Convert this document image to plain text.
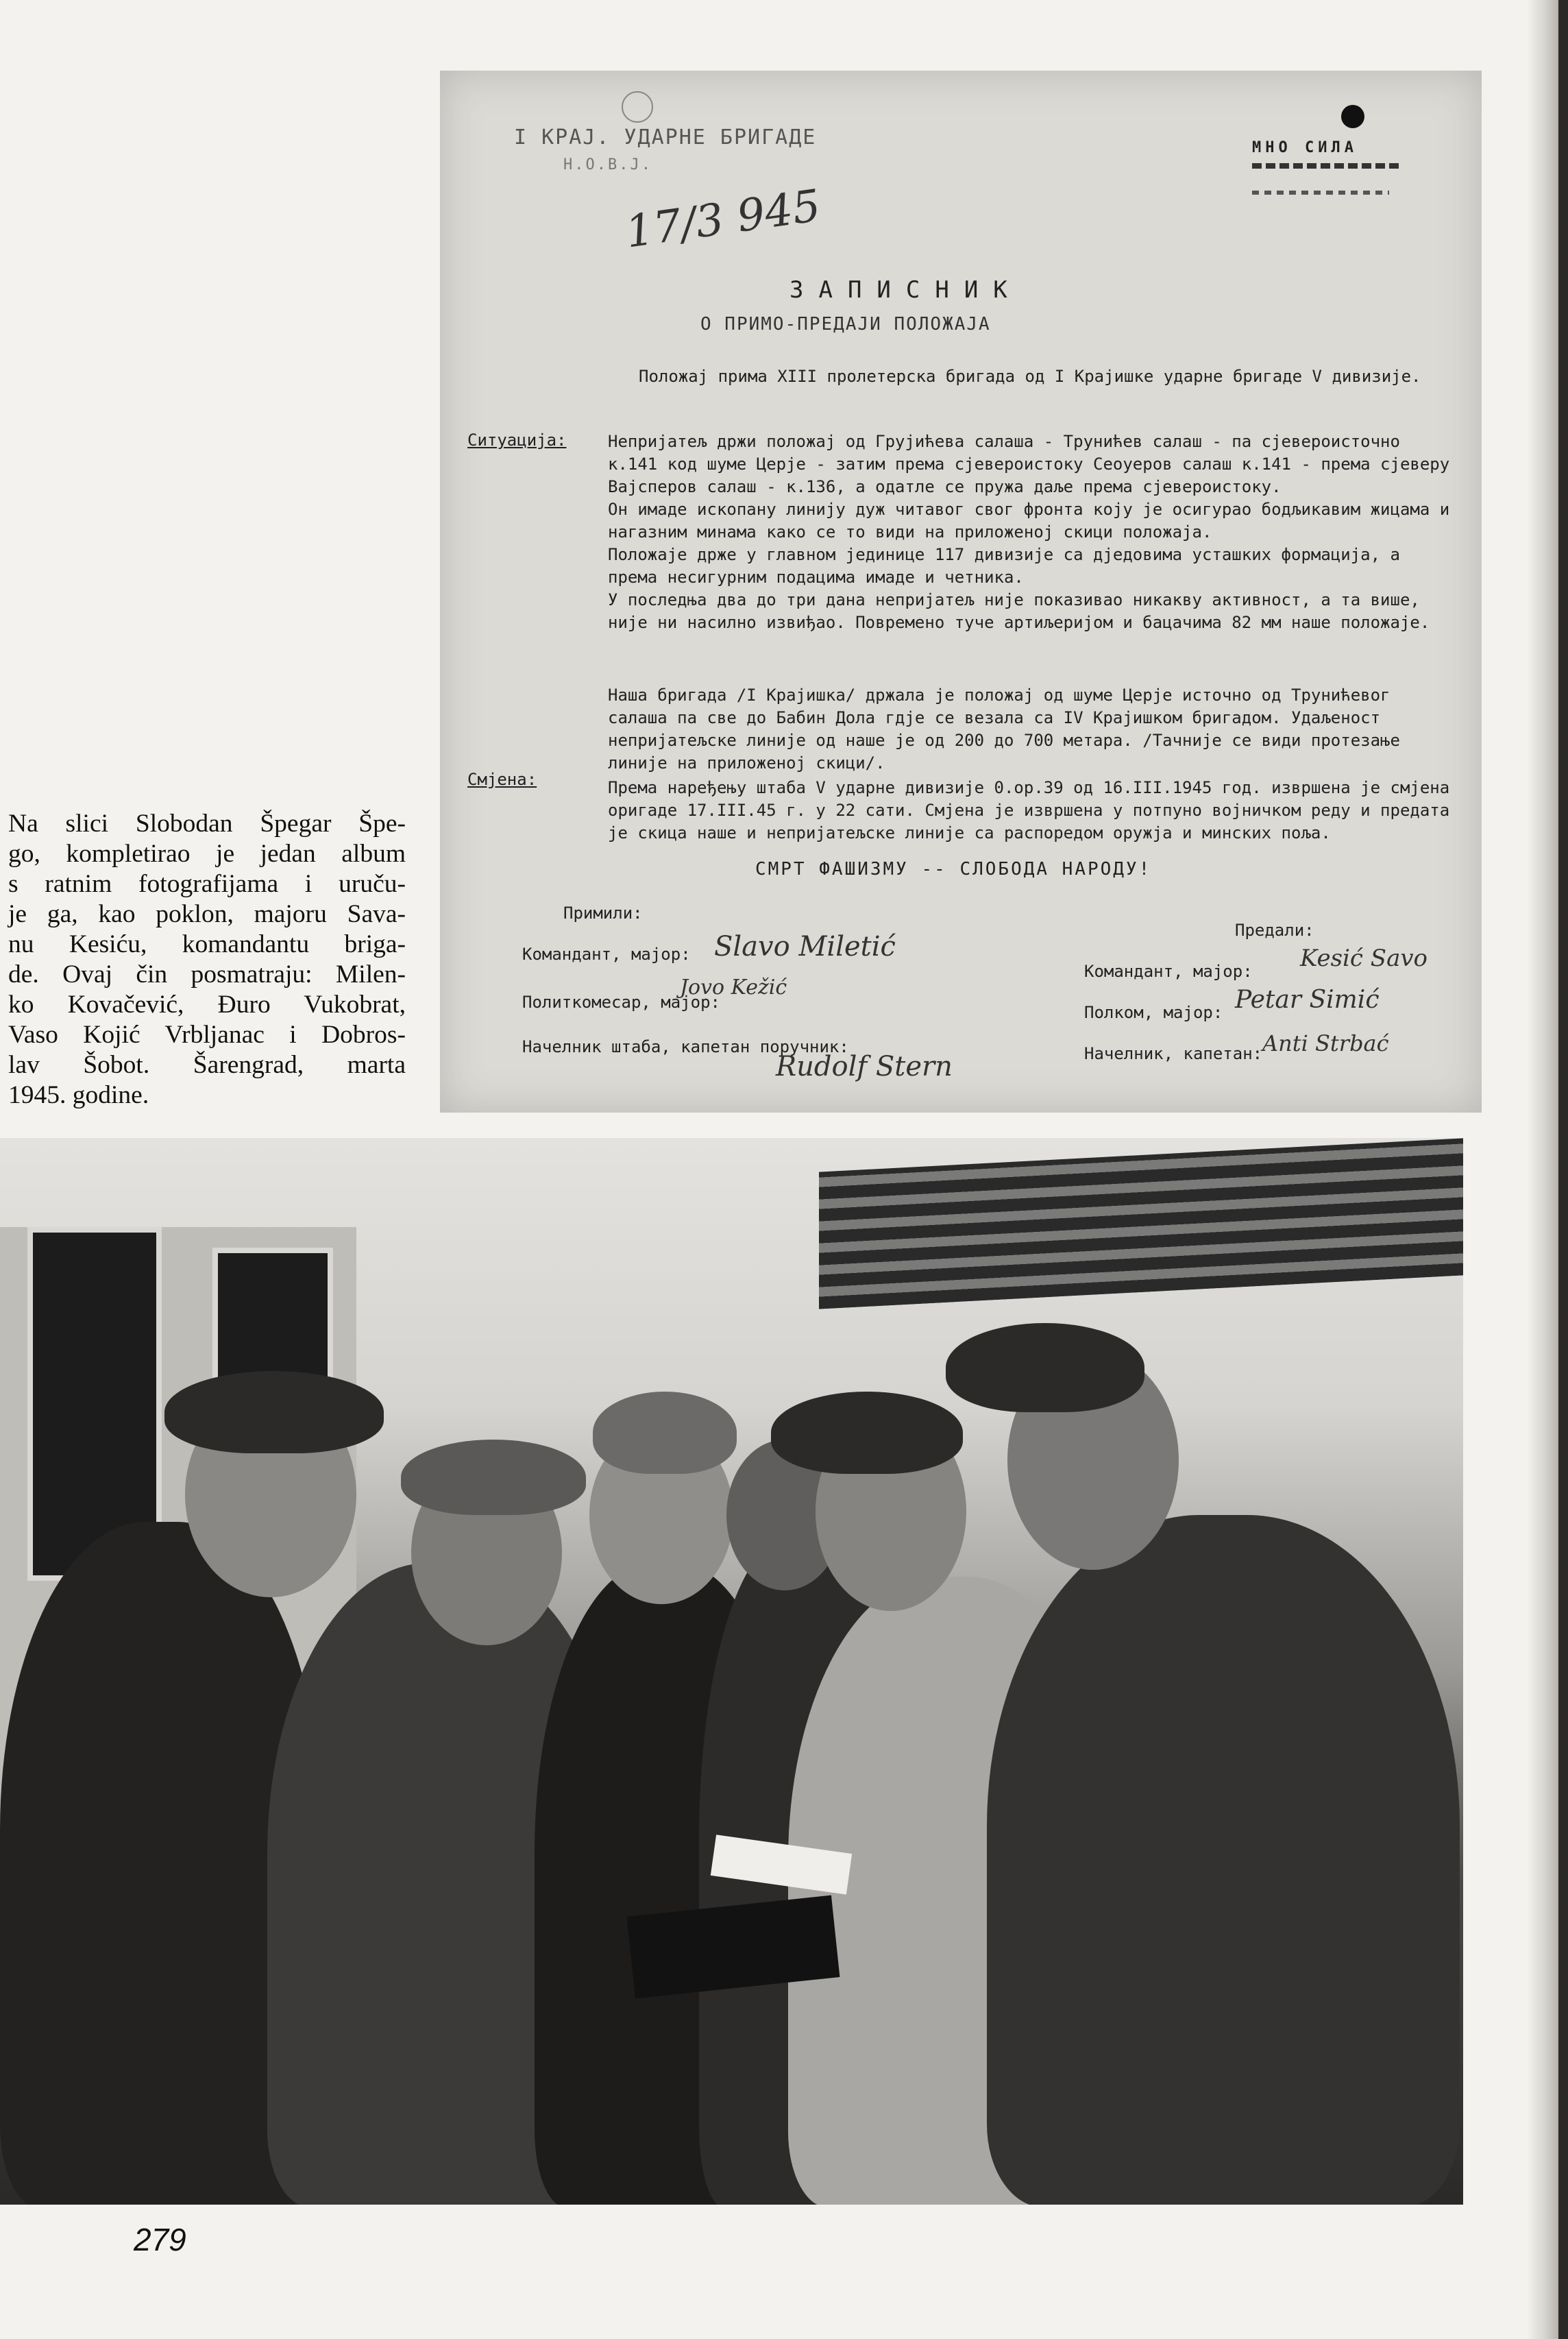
I КРАЈ. УДАРНЕ БРИГАДЕ
Н.О.В.Ј.
МНО СИЛА
17/3 945
ЗАПИСНИК
О ПРИМО-ПРЕДАЈИ ПОЛОЖАЈА
Положај прима XIII пролетерска бригада од I Крајишке ударне бригаде V дивизије.
Ситуација:	Непријатељ држи положај од Грујићева салаша - Трунићев салаш - па сјевероисточно к.141 код шуме Церје - затим према сјевероистоку Сеоуеров салаш к.141 - према сјеверу Вајсперов салаш - к.136, а одатле се пружа даље према сјевероистоку.
Он имаде ископану линију дуж читавог свог фронта коју је осигурао бодљикавим жицама и нагазним минама како се то види на приложеној скици положаја.
Положаје држе у главном јединице 117 дивизије са дједовима усташких формација, а према несигурним подацима имаде и четника.
У последња два до три дана непријатељ није показивао никакву активност, а та више, није ни насилно извиђао. Повремено туче артиљеријом и бацачима 82 мм наше положаје.
Наша бригада /I Крајишка/ држала је положај од шуме Церје источно од Трунићевог салаша па све до Бабин Дола гдје се везала са IV Крајишком бригадом. Удаљеност непријатељске линије од наше је од 200 до 700 метара. /Тачније се види протезање линије на приложеној скици/.
Смјена:	Према наређењу штаба V ударне дивизије 0.ор.39 од 16.III.1945 год. извршена је смјена оригаде 17.III.45 г. у 22 сати. Смјена је извршена у потпуно војничком реду и предата је скица наше и непријатељске линије са распоредом оружја и минских поља.
СМРТ ФАШИЗМУ -- СЛОБОДА НАРОДУ!
Примили:
Предали:
Командант, мајор: Slavo Miletić
Политкомесар, мајор:
Jovo Kežić
Начелник штаба, капетан поручник:
Rudolf Stern
Командант, мајор: Kesić Savo
Полком, мајор: Petar Simić
Начелник, капетан: Anti Strbać
Na slici Slobodan Špegar Špe-
go, kompletirao je jedan album
s ratnim fotografijama i uruču-
je ga, kao poklon, majoru Sava-
nu Kesiću, komandantu briga-
de. Ovaj čin posmatraju: Milen-
ko Kovačević, Đuro Vukobrat,
Vaso Kojić Vrbljanac i Dobros-
lav Šobot. Šarengrad, marta
1945. godine.
279
